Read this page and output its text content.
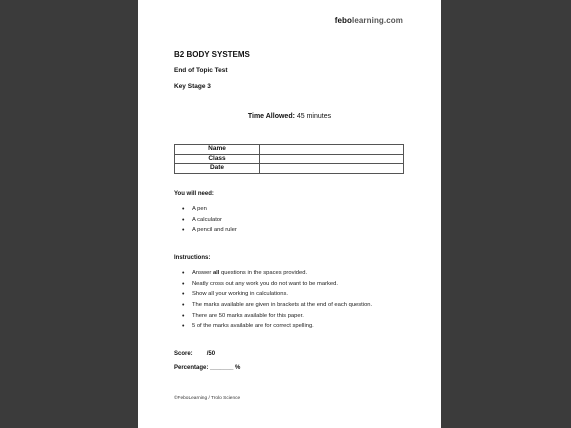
febolearning.com
B2 BODY SYSTEMS
End of Topic Test
Key Stage 3
Time Allowed: 45 minutes
Name	
Class	
Date	
You will need:
• A pen
• A calculator
• A pencil and ruler
Instructions:
• Answer all questions in the spaces provided.
• Neatly cross out any work you do not want to be marked.
• Show all your working in calculations.
• The marks available are given in brackets at the end of each question.
• There are 50 marks available for this paper.
• 5 of the marks available are for correct spelling.
Score: /50
Percentage: _______ %
©FeboLearning / Trolo Science
